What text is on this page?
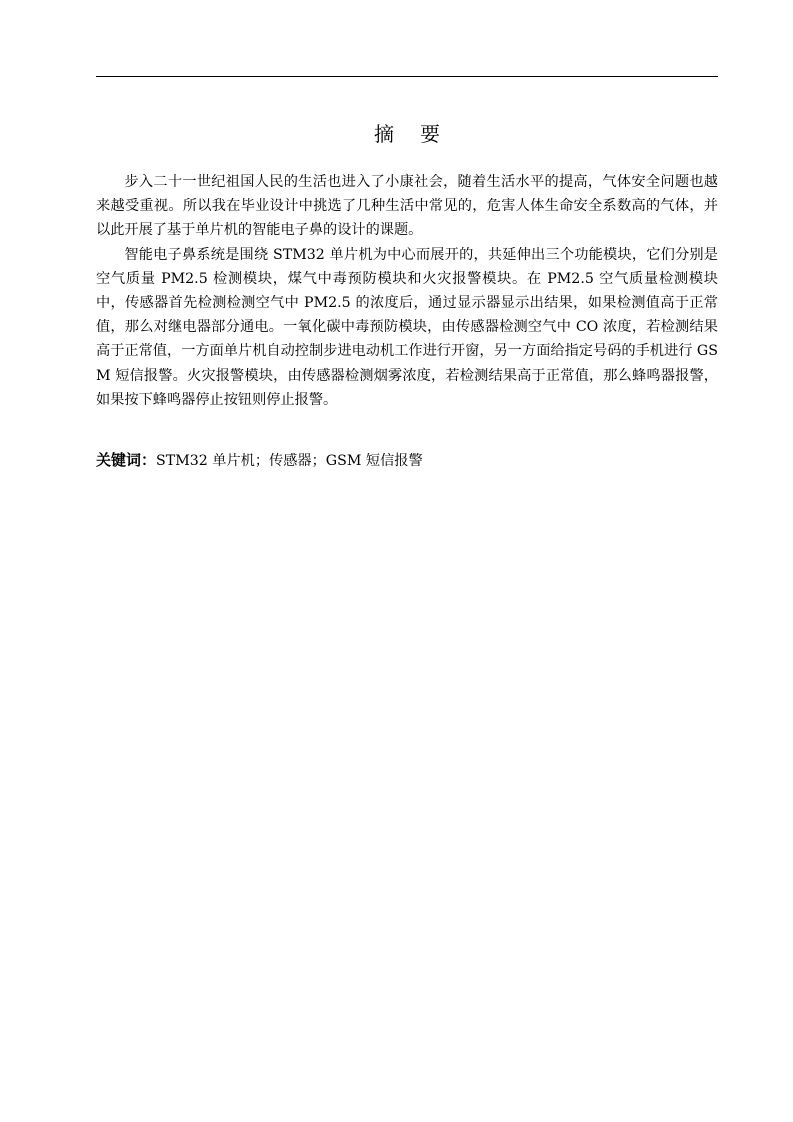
摘 要

步入二十一世纪祖国人民的生活也进入了小康社会，随着生活水平的提高，气体安全问题也越来越受重视。所以我在毕业设计中挑选了几种生活中常见的，危害人体生命安全系数高的气体，并以此开展了基于单片机的智能电子鼻的设计的课题。

智能电子鼻系统是围绕 STM32 单片机为中心而展开的，共延伸出三个功能模块，它们分别是空气质量 PM2.5 检测模块，煤气中毒预防模块和火灾报警模块。在 PM2.5 空气质量检测模块中，传感器首先检测检测空气中 PM2.5 的浓度后，通过显示器显示出结果，如果检测值高于正常值，那么对继电器部分通电。一氧化碳中毒预防模块，由传感器检测空气中 CO 浓度，若检测结果高于正常值，一方面单片机自动控制步进电动机工作进行开窗，另一方面给指定号码的手机进行 GSM 短信报警。火灾报警模块，由传感器检测烟雾浓度，若检测结果高于正常值，那么蜂鸣器报警，如果按下蜂鸣器停止按钮则停止报警。

关键词：STM32 单片机；传感器；GSM 短信报警
